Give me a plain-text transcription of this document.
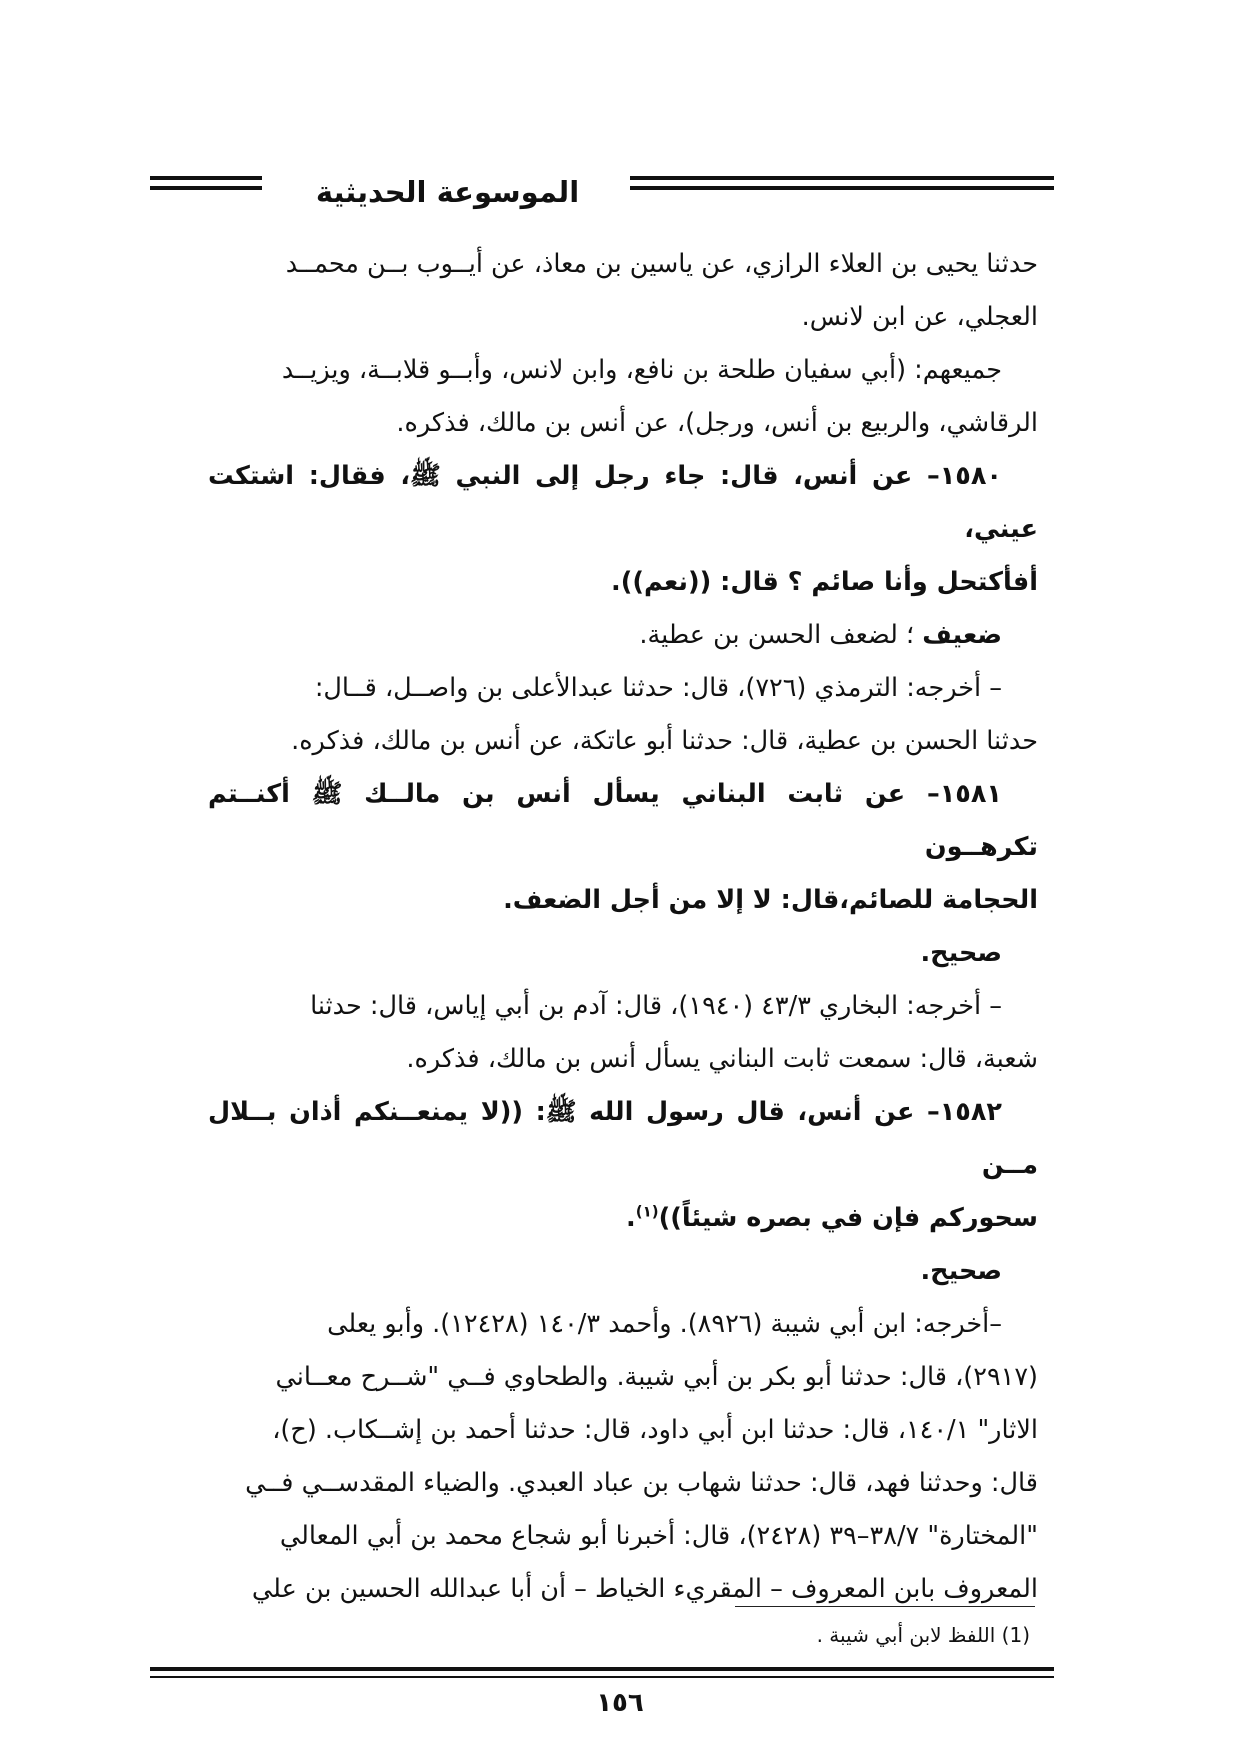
الموسوعة الحديثية

حدثنا يحيى بن العلاء الرازي، عن ياسين بن معاذ، عن أيــوب بــن محمــد

العجلي، عن ابن لانس.

جميعهم: (أبي سفيان طلحة بن نافع، وابن لانس، وأبــو قلابــة، ويزيــد

الرقاشي، والربيع بن أنس، ورجل)، عن أنس بن مالك، فذكره.

١٥٨٠– عن أنس، قال: جاء رجل إلى النبي ﷺ، فقال: اشتكت عيني،

أفأكتحل وأنا صائم ؟ قال: ((نعم)).

ضعيف ؛ لضعف الحسن بن عطية.

– أخرجه: الترمذي (٧٢٦)، قال: حدثنا عبدالأعلى بن واصــل، قــال:

حدثنا الحسن بن عطية، قال: حدثنا أبو عاتكة، عن أنس بن مالك، فذكره.

١٥٨١– عن ثابت البناني يسأل أنس بن مالــك ﷺ أكنــتم تكرهــون

الحجامة للصائم،قال: لا إلا من أجل الضعف.

صحيح.

– أخرجه: البخاري ٤٣/٣ (١٩٤٠)، قال: آدم بن أبي إياس، قال: حدثنا

شعبة، قال: سمعت ثابت البناني يسأل أنس بن مالك، فذكره.

١٥٨٢– عن أنس، قال رسول الله ﷺ: ((لا يمنعــنكم أذان بــلال مــن

سحوركم فإن في بصره شيئاً))$^{(١)}$.

صحيح.

–أخرجه: ابن أبي شيبة (٨٩٢٦). وأحمد ١٤٠/٣ (١٢٤٢٨). وأبو يعلى

(٢٩١٧)، قال: حدثنا أبو بكر بن أبي شيبة. والطحاوي فــي "شــرح معــاني

الاثار" ١٤٠/١، قال: حدثنا ابن أبي داود، قال: حدثنا أحمد بن إشــكاب. (ح)،

قال: وحدثنا فهد، قال: حدثنا شهاب بن عباد العبدي. والضياء المقدســي فــي

"المختارة" ٣٨/٧–٣٩ (٢٤٢٨)، قال: أخبرنا أبو شجاع محمد بن أبي المعالي

المعروف بابن المعروف – المقريء الخياط – أن أبا عبدالله الحسين بن علي

(1) اللفظ لابن أبي شيبة .
١٥٦
